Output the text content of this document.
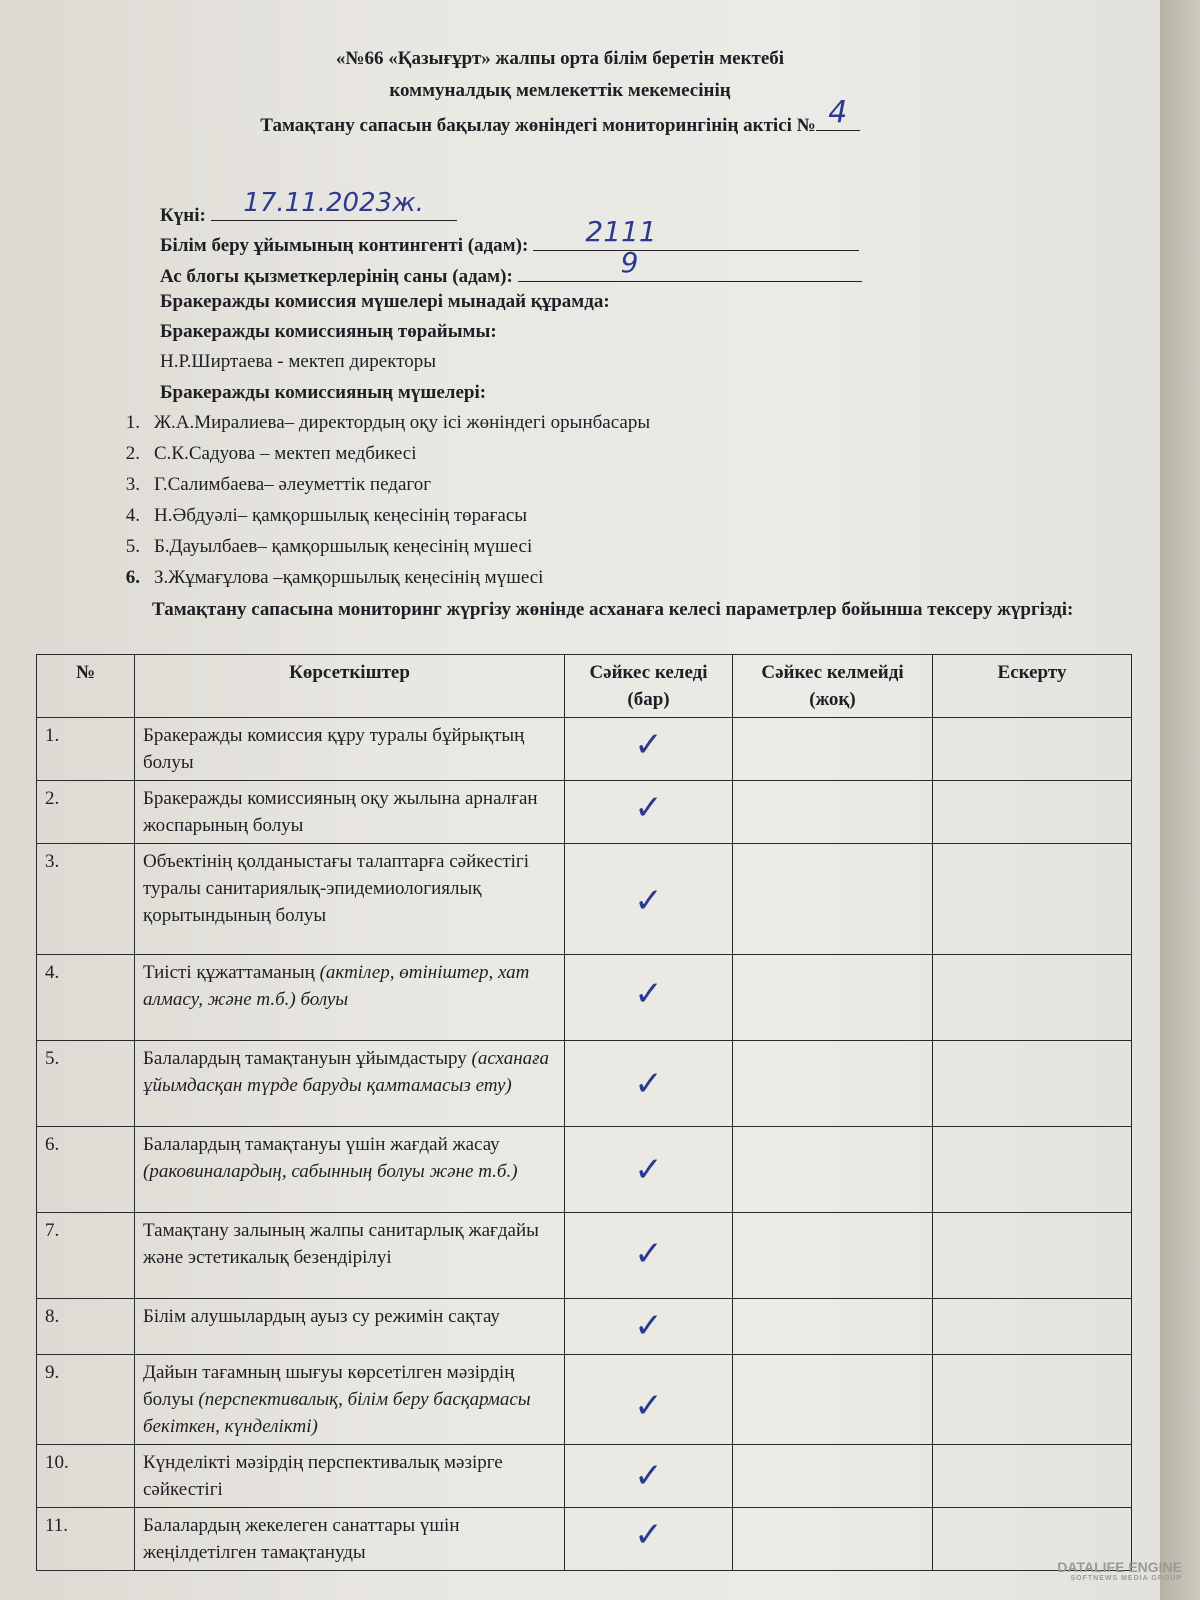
«№66 «Қазығұрт» жалпы орта білім беретін мектебі
коммуналдық мемлекеттік мекемесінің
Тамақтану сапасын бақылау жөніндегі мониторингінің актісі № 4
Күні:	17.11.2023ж.
Білім беру ұйымының контингенті (адам):	2111
Ас блогы қызметкерлерінің саны (адам):	9
Бракеражды комиссия мүшелері мынадай құрамда:
Бракеражды комиссияның төрайымы:
Н.Р.Ширтаева - мектеп директоры
Бракеражды комиссияның мүшелері:
1. Ж.А.Миралиева– директордың оқу ісі жөніндегі орынбасары
2. С.К.Садуова – мектеп медбикесі
3. Г.Салимбаева– әлеуметтік педагог
4. Н.Әбдуәлі– қамқоршылық кеңесінің төрағасы
5. Б.Дауылбаев– қамқоршылық кеңесінің мүшесі
6. З.Жұмағұлова –қамқоршылық кеңесінің мүшесі
Тамақтану сапасына мониторинг жүргізу жөнінде асханаға келесі параметрлер бойынша тексеру жүргізді:
№	Көрсеткіштер	Сәйкес келеді (бар)	Сәйкес келмейді (жоқ)	Ескерту
1.	Бракеражды комиссия құру туралы бұйрықтың болуы	✓		

2.	Бракеражды комиссияның оқу жылына арналған жоспарының болуы	✓		

3.	Объектінің қолданыстағы талаптарға сәйкестігі туралы санитариялық-эпидемиологиялық қорытындының болуы	✓		

4.	Тиісті құжаттаманың (актілер, өтініштер, хат алмасу, және т.б.) болуы	✓		

5.	Балалардың тамақтануын ұйымдастыру (асханаға ұйымдасқан түрде баруды қамтамасыз ету)	✓		

6.	Балалардың тамақтануы үшін жағдай жасау (раковиналардың, сабынның болуы және т.б.)	✓		

7.	Тамақтану залының жалпы санитарлық жағдайы және эстетикалық безендірілуі	✓		

8.	Білім алушылардың ауыз су режимін сақтау	✓		

9.	Дайын тағамның шығуы көрсетілген мәзірдің болуы (перспективалық, білім беру басқармасы бекіткен, күнделікті)	✓		

10.	Күнделікті мәзірдің перспективалық мәзірге сәйкестігі	✓		

11.	Балалардың жекелеген санаттары үшін жеңілдетілген тамақтануды	✓		

DATALIFE ENGINE
SOFTNEWS MEDIA GROUP
